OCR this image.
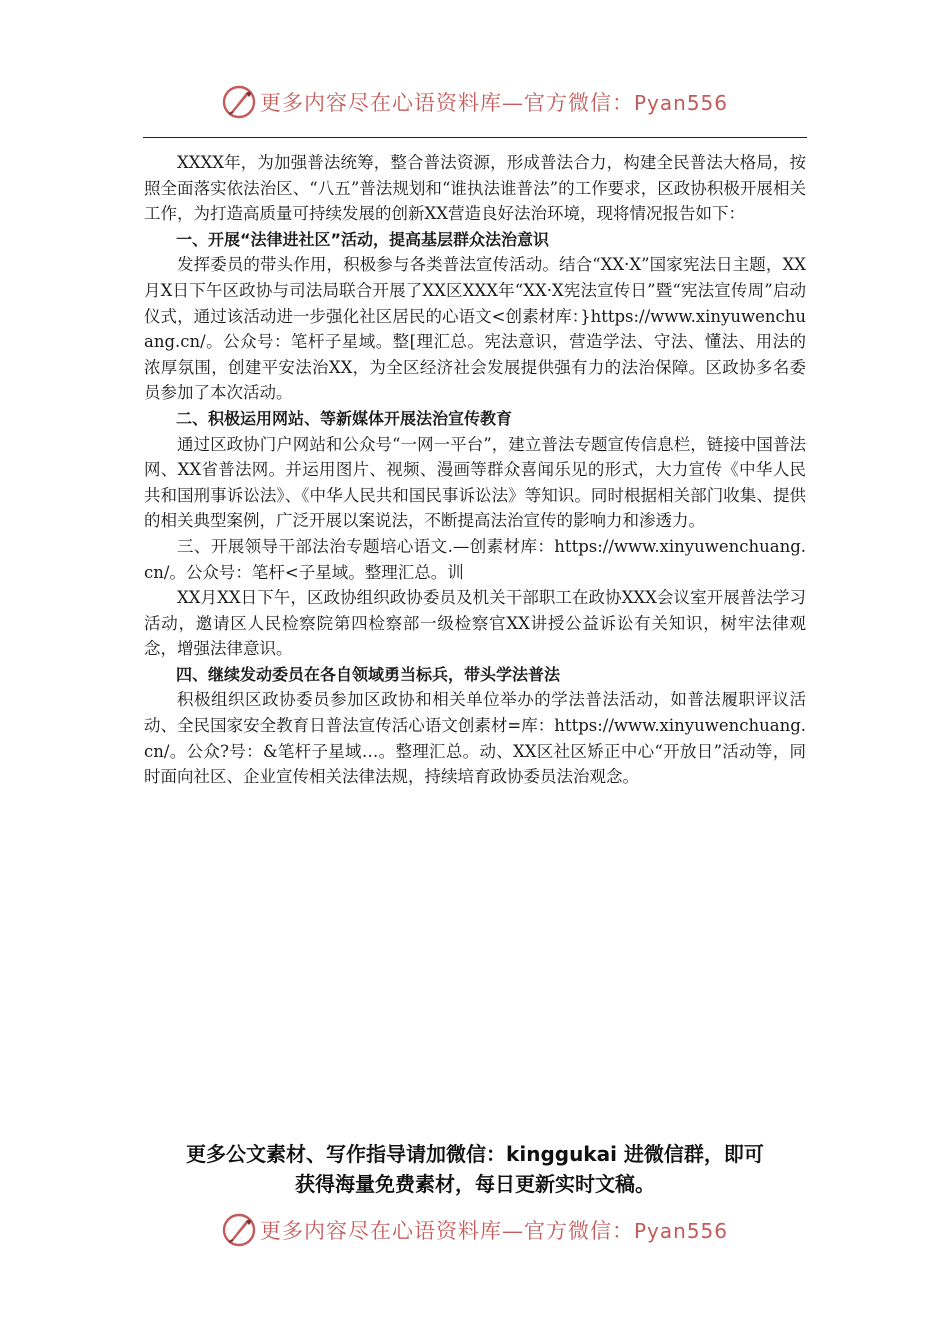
更多内容尽在心语资料库—官方微信：Pyan556

XXXX年，为加强普法统筹，整合普法资源，形成普法合力，构建全民普法大格局，按照全面落实依法治区、“八五”普法规划和“谁执法谁普法”的工作要求，区政协积极开展相关工作，为打造高质量可持续发展的创新XX营造良好法治环境，现将情况报告如下：

一、开展“法律进社区”活动，提高基层群众法治意识

发挥委员的带头作用，积极参与各类普法宣传活动。结合“XX·X”国家宪法日主题，XX月X日下午区政协与司法局联合开展了XX区XXX年“XX·X宪法宣传日”暨“宪法宣传周”启动仪式，通过该活动进一步强化社区居民的心语文<创素材库：}https://www.xinyuwenchuang.cn/。公众号：笔杆子星域。整[理汇总。宪法意识，营造学法、守法、懂法、用法的浓厚氛围，创建平安法治XX，为全区经济社会发展提供强有力的法治保障。区政协多名委员参加了本次活动。

二、积极运用网站、等新媒体开展法治宣传教育

通过区政协门户网站和公众号“一网一平台”，建立普法专题宣传信息栏，链接中国普法网、XX省普法网。并运用图片、视频、漫画等群众喜闻乐见的形式，大力宣传《中华人民共和国刑事诉讼法》、《中华人民共和国民事诉讼法》等知识。同时根据相关部门收集、提供的相关典型案例，广泛开展以案说法，不断提高法治宣传的影响力和渗透力。

三、开展领导干部法治专题培心语文.—创素材库：https://www.xinyuwenchuang.cn/。公众号：笔杆<子星域。整理汇总。训

XX月XX日下午，区政协组织政协委员及机关干部职工在政协XXX会议室开展普法学习活动，邀请区人民检察院第四检察部一级检察官XX讲授公益诉讼有关知识，树牢法律观念，增强法律意识。

四、继续发动委员在各自领域勇当标兵，带头学法普法

积极组织区政协委员参加区政协和相关单位举办的学法普法活动，如普法履职评议活动、全民国家安全教育日普法宣传活心语文创素材=库：https://www.xinyuwenchuang.cn/。公众?号：&笔杆子星域…。整理汇总。动、XX区社区矫正中心“开放日”活动等，同时面向社区、企业宣传相关法律法规，持续培育政协委员法治观念。

更多公文素材、写作指导请加微信：kinggukai 进微信群，即可
获得海量免费素材，每日更新实时文稿。
更多内容尽在心语资料库—官方微信：Pyan556
